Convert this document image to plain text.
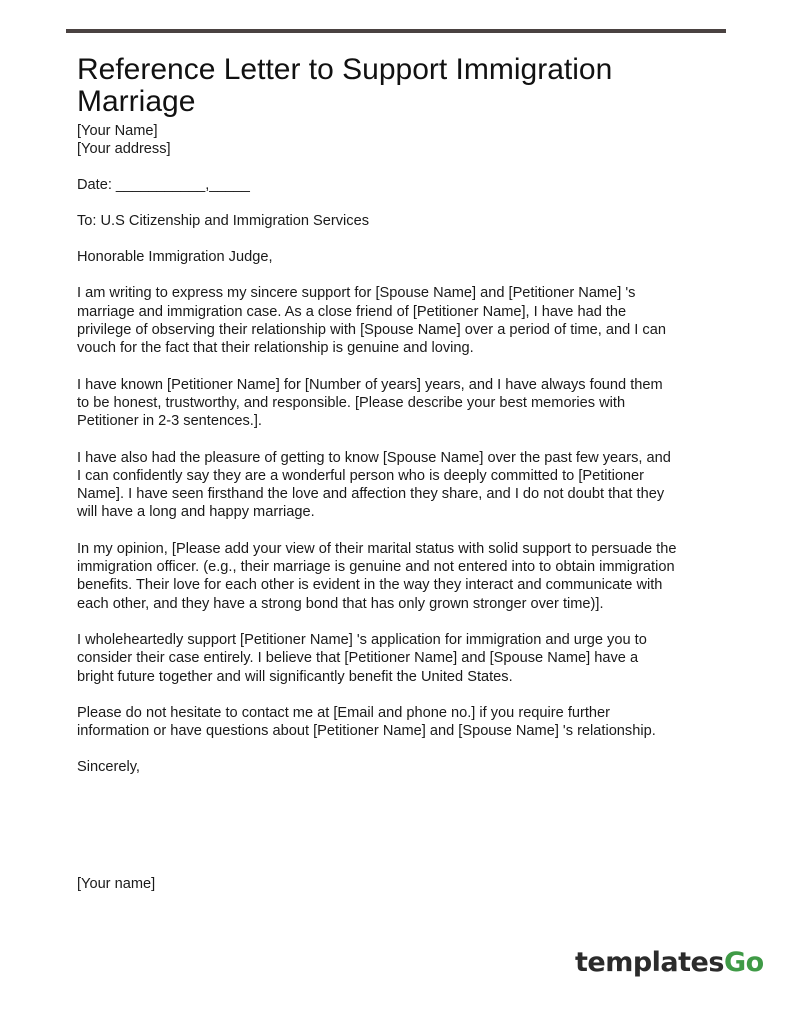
Reference Letter to Support Immigration
Marriage

[Your Name]

[Your address]

Date: ___________,_____

To: U.S Citizenship and Immigration Services

Honorable Immigration Judge,

I am writing to express my sincere support for [Spouse Name] and [Petitioner Name] 's

marriage and immigration case. As a close friend of [Petitioner Name], I have had the

privilege of observing their relationship with [Spouse Name] over a period of time, and I can

vouch for the fact that their relationship is genuine and loving.

I have known [Petitioner Name] for [Number of years] years, and I have always found them

to be honest, trustworthy, and responsible. [Please describe your best memories with

Petitioner in 2-3 sentences.].

I have also had the pleasure of getting to know [Spouse Name] over the past few years, and

I can confidently say they are a wonderful person who is deeply committed to [Petitioner

Name]. I have seen firsthand the love and affection they share, and I do not doubt that they

will have a long and happy marriage.

In my opinion, [Please add your view of their marital status with solid support to persuade the

immigration officer. (e.g., their marriage is genuine and not entered into to obtain immigration

benefits. Their love for each other is evident in the way they interact and communicate with

each other, and they have a strong bond that has only grown stronger over time)].

I wholeheartedly support [Petitioner Name] 's application for immigration and urge you to

consider their case entirely. I believe that [Petitioner Name] and [Spouse Name] have a

bright future together and will significantly benefit the United States.

Please do not hesitate to contact me at [Email and phone no.] if you require further

information or have questions about [Petitioner Name] and [Spouse Name] 's relationship.

Sincerely,

[Your name]

templatesGo
